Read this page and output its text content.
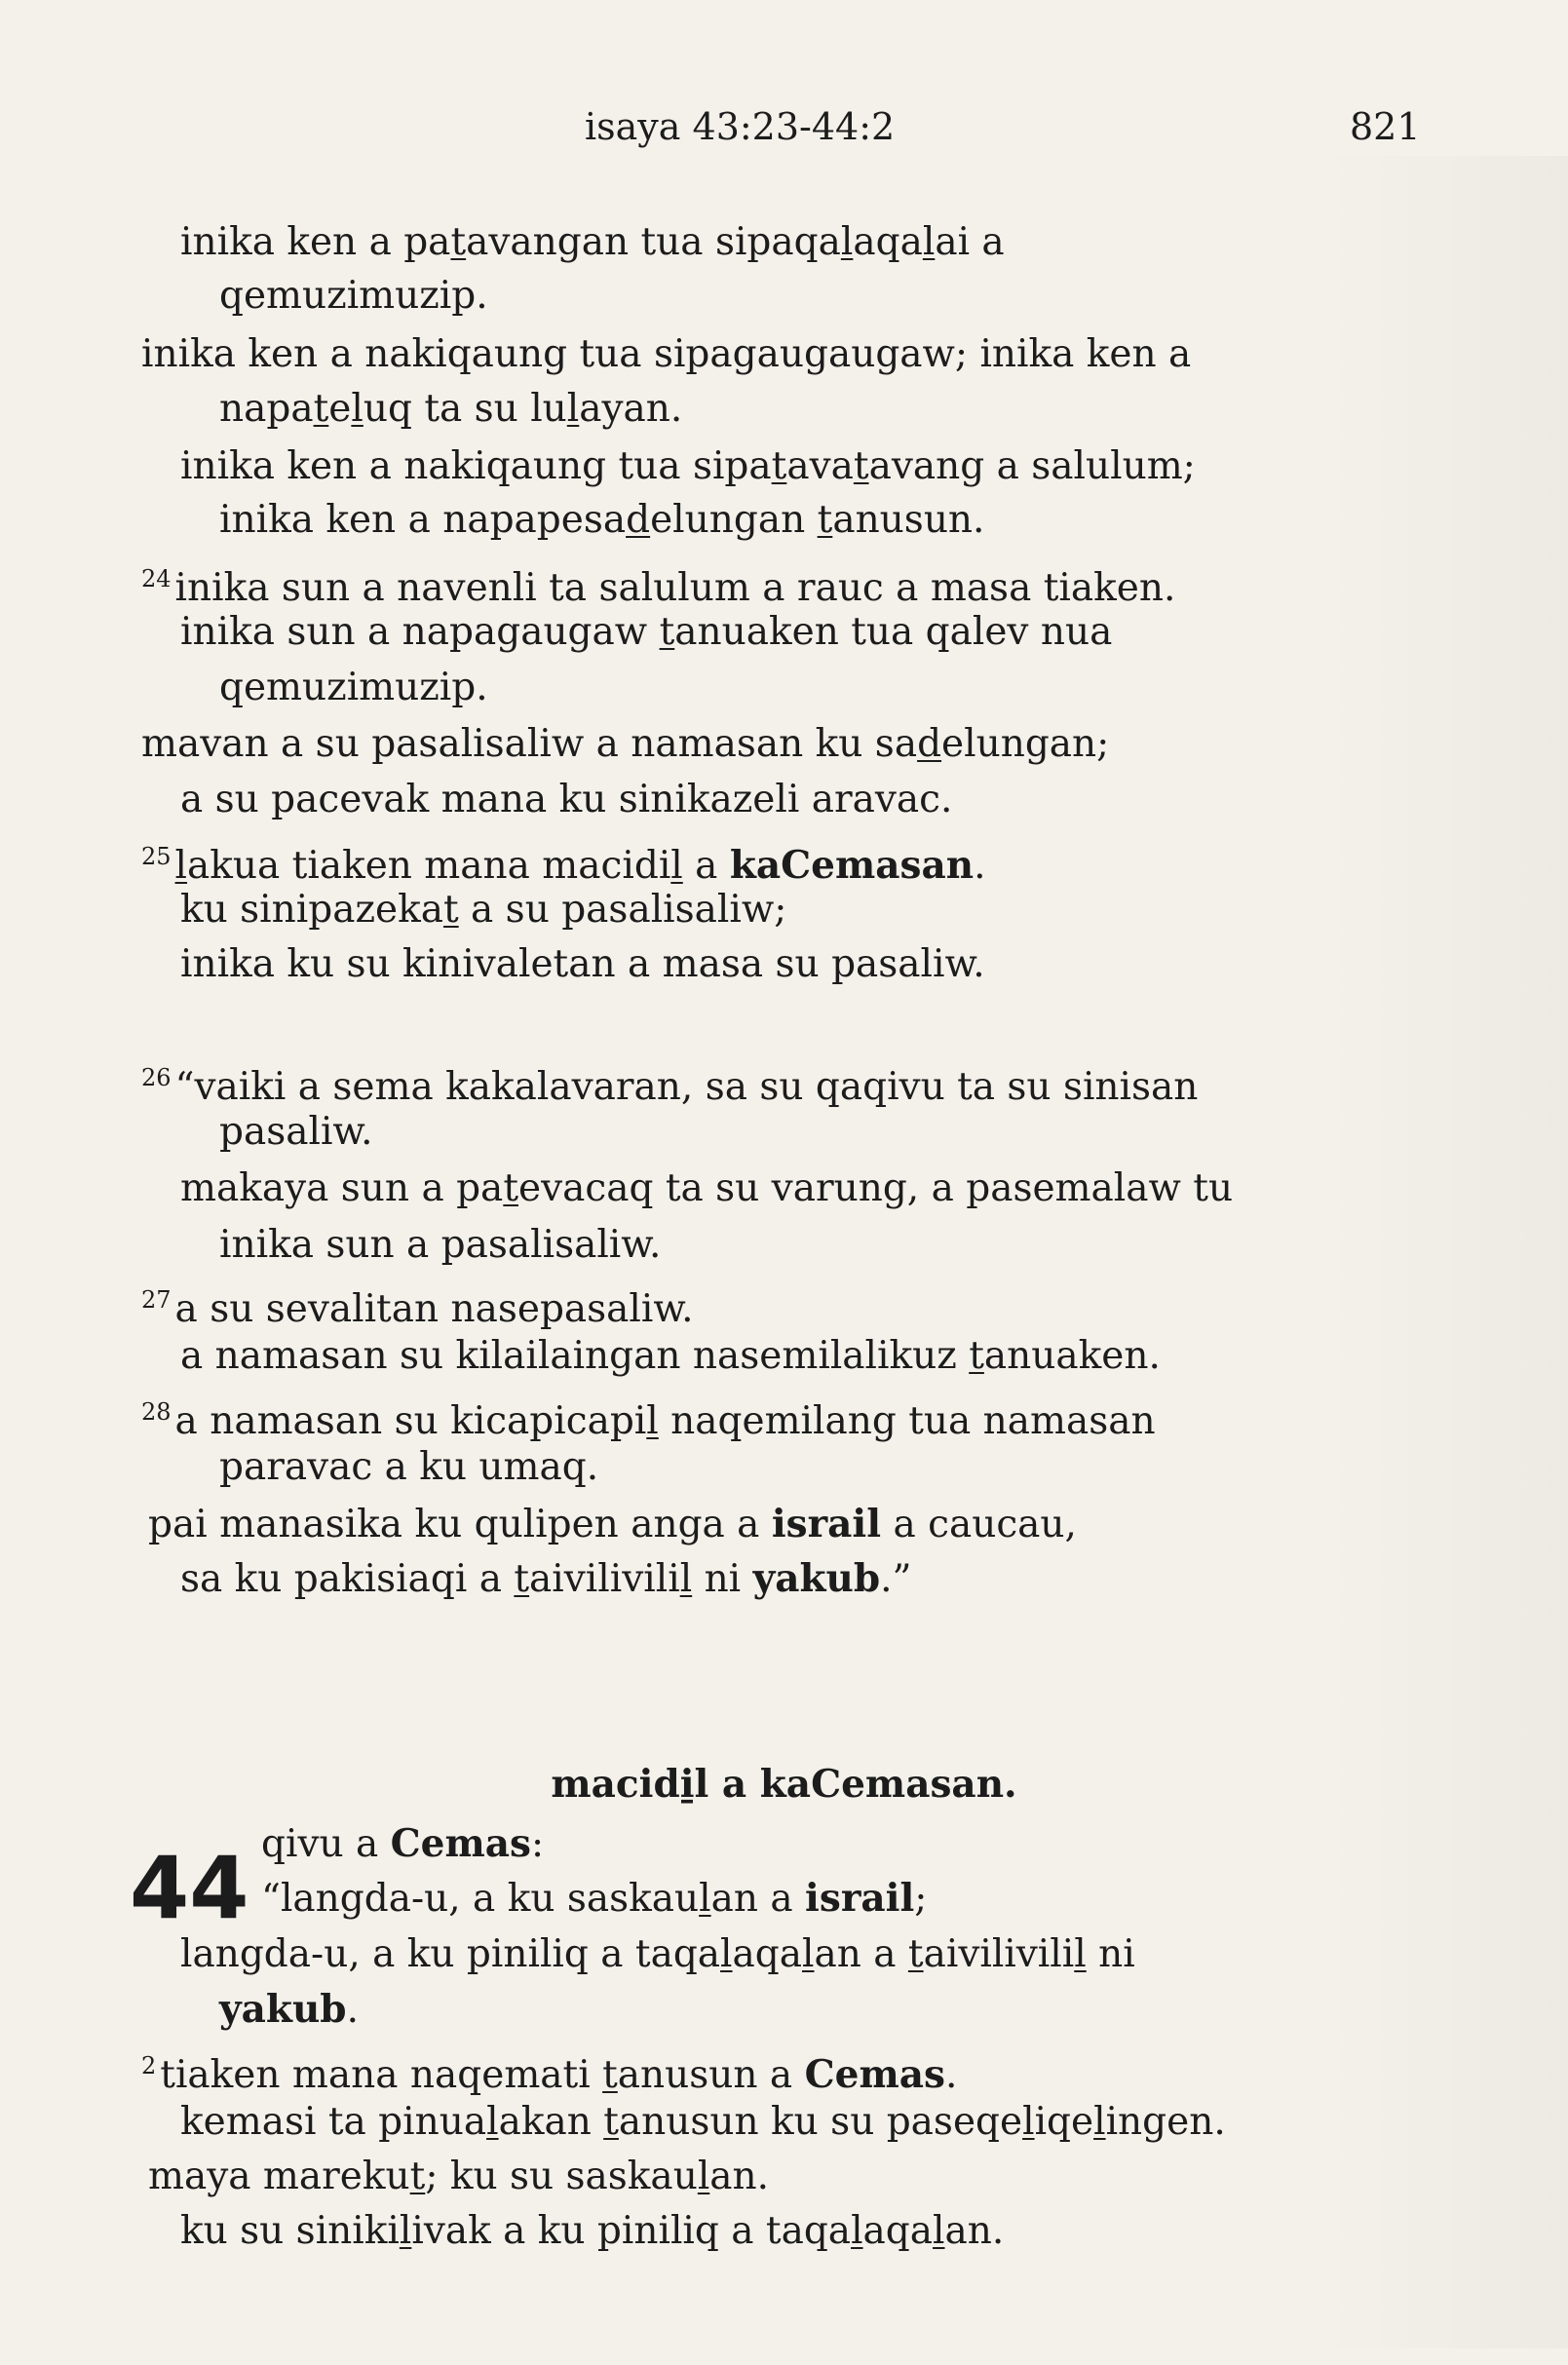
isaya 43:23-44:2	821
inika ken a patavangan tua sipaqalaqalai a
qemuzimuzip.
inika ken a nakiqaung tua sipagaugaugaw; inika ken a
napateluq ta su lulayan.
inika ken a nakiqaung tua sipatavatavang a salulum;
inika ken a napapesadelungan tanusun.
$^{24}$ inika sun a navenli ta salulum a rauc a masa tiaken.
inika sun a napagaugaw tanuaken tua qalev nua
qemuzimuzip.
mavan a su pasalisaliw a namasan ku sadelungan;
a su pacevak mana ku sinikazeli aravac.
$^{25}$ lakua tiaken mana macidil a kaCemasan.
ku sinipazekat a su pasalisaliw;
inika ku su kinivaletan a masa su pasaliw.
$^{26}$ “vaiki a sema kakalavaran, sa su qaqivu ta su sinisan
pasaliw.
makaya sun a patevacaq ta su varung, a pasemalaw tu
inika sun a pasalisaliw.
$^{27}$ a su sevalitan nasepasaliw.
a namasan su kilailaingan nasemilalikuz tanuaken.
$^{28}$ a namasan su kicapicapil naqemilang tua namasan
paravac a ku umaq.
pai manasika ku qulipen anga a israil a caucau,
sa ku pakisiaqi a taivilivilil ni yakub.”
macidi̱l a kaCemasan.
44 qivu a Cemas:
“langda-u, a ku saskaulan a israil;
langda-u, a ku piniliq a taqalaqalan a taivilivilil ni
yakub.
$^2$ tiaken mana naqemati tanusun a Cemas.
kemasi ta pinualakan tanusun ku su paseqeliqelingen.
maya marekut; ku su saskaulan.
ku su sinikilivak a ku piniliq a taqalaqalan.
